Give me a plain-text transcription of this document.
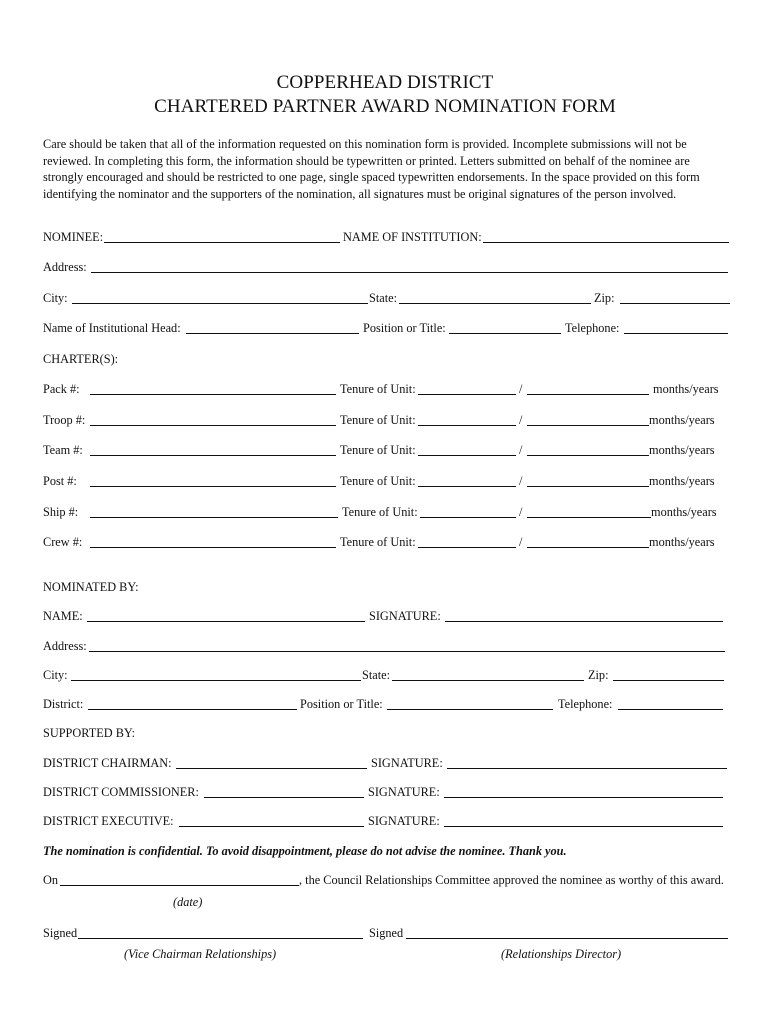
COPPERHEAD DISTRICT
CHARTERED PARTNER AWARD NOMINATION FORM
Care should be taken that all of the information requested on this nomination form is provided. Incomplete submissions will not be
reviewed. In completing this form, the information should be typewritten or printed. Letters submitted on behalf of the nominee are
strongly encouraged and should be restricted to one page, single spaced typewritten endorsements. In the space provided on this form
identifying the nominator and the supporters of the nomination, all signatures must be original signatures of the person involved.
NOMINEE:	NAME OF INSTITUTION:
Address:
City:	State:	Zip:
Name of Institutional Head:	Position or Title:	Telephone:
CHARTER(S):
Pack #:	Tenure of Unit:	/	months/years
Troop #:	Tenure of Unit:	/	months/years
Team #:	Tenure of Unit:	/	months/years
Post #:	Tenure of Unit:	/	months/years
Ship #:	Tenure of Unit:	/	months/years
Crew #:	Tenure of Unit:	/	months/years
NOMINATED BY:
NAME:	SIGNATURE:
Address:
City:	State:	Zip:
District:	Position or Title:	Telephone:
SUPPORTED BY:
DISTRICT CHAIRMAN:	SIGNATURE:
DISTRICT COMMISSIONER:	SIGNATURE:
DISTRICT EXECUTIVE:	SIGNATURE:
The nomination is confidential. To avoid disappointment, please do not advise the nominee. Thank you.
On	, the Council Relationships Committee approved the nominee as worthy of this award.
(date)
Signed	Signed
(Vice Chairman Relationships)	(Relationships Director)
